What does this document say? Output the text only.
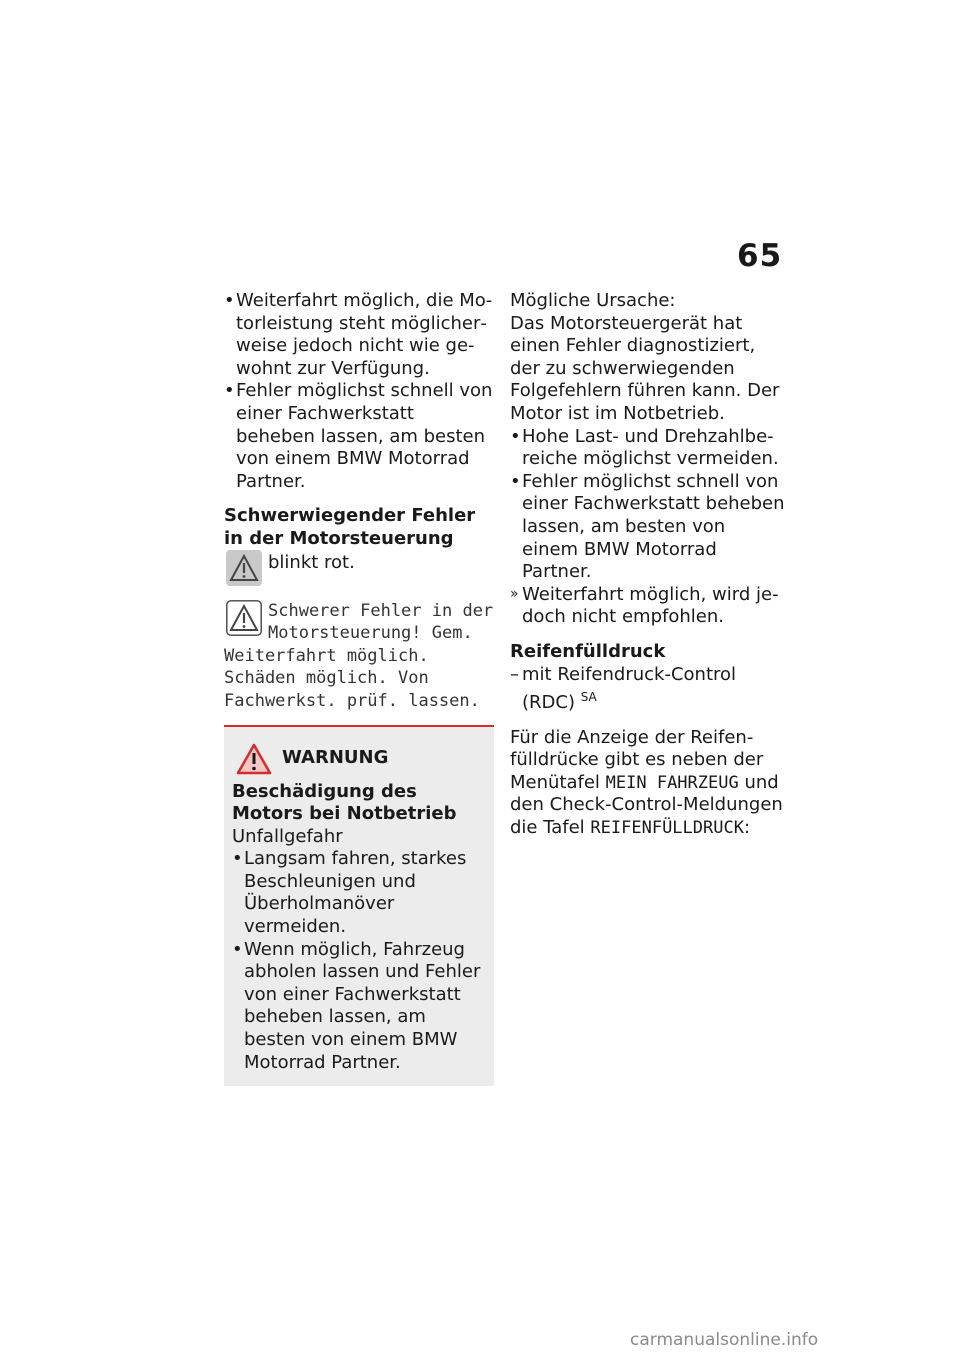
65
• Weiterfahrt möglich, die Motorleistung steht möglicherweise jedoch nicht wie gewohnt zur Verfügung.
• Fehler möglichst schnell von einer Fachwerkstatt beheben lassen, am besten von einem BMW Motorrad Partner.

Schwerwiegender Fehler in der Motorsteuerung

blinkt rot.
Schwerer Fehler in der Motorsteuerung! Gem. Weiterfahrt möglich. Schäden möglich. Von Fachwerkst. prüf. lassen.
WARNUNG

Beschädigung des Motors bei Notbetrieb

Unfallgefahr

• Langsam fahren, starkes Beschleunigen und Überholmanöver vermeiden.
• Wenn möglich, Fahrzeug abholen lassen und Fehler von einer Fachwerkstatt beheben lassen, am besten von einem BMW Motorrad Partner.

Mögliche Ursache:

Das Motorsteuergerät hat einen Fehler diagnostiziert, der zu schwerwiegenden Folgefehlern führen kann. Der Motor ist im Notbetrieb.

• Hohe Last- und Drehzahlbereiche möglichst vermeiden.
• Fehler möglichst schnell von einer Fachwerkstatt beheben lassen, am besten von einem BMW Motorrad Partner.
» Weiterfahrt möglich, wird jedoch nicht empfohlen.

Reifenfülldruck

– mit Reifendruck-Control (RDC) $^{SA}$

Für die Anzeige der Reifenfülldrücke gibt es neben der Menütafel MEIN FAHRZEUG und den Check-Control-Meldungen die Tafel REIFENFÜLLDRUCK:

carmanualsonline.info
